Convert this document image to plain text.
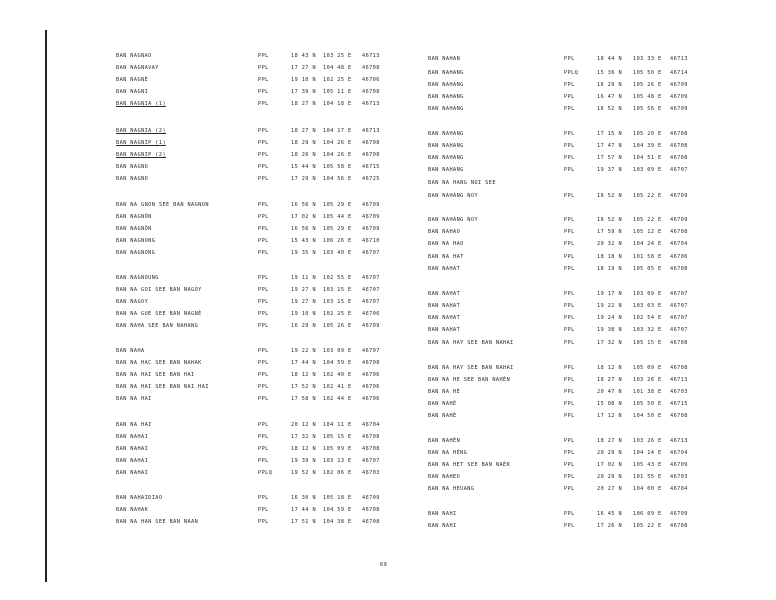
BAN NAGNAO	PPL	18 43 N 103 25 E 46713
BAN NAGNAVAY	PPL	17 27 N 104 48 E 46708
BAN NAGNÈ	PPL	19 10 N 102 25 E 46706
BAN NAGNI	PPL	17 39 N 105 11 E 46708
BAN NAGNIA (1)	PPL	18 27 N 104 18 E 46713
BAN NAGNIA (2)	PPL	18 27 N 104 17 E 46713
BAN NAGNIP (1)	PPL	18 29 N 104 26 E 46708
BAN NAGNIP (2)	PPL	18 26 N 104 26 E 46708
BAN NAGNO	PPL	15 44 N 105 58 E 46715
BAN NAGNO	PPL	17 29 N 104 56 E 46725
BAN NA GNON SEE BAN NAGNON	PPL	16 56 N 105 29 E 46709
BAN NAGNÔN	PPL	17 02 N 105 44 E 46709
BAN NAGNÔN	PPL	16 56 N 105 29 E 46709
BAN NAGNONG	PPL	15 43 N 106 26 E 46710
BAN NAGNONG	PPL	19 35 N 103 40 E 46707
BAN NAGNOUNG	PPL	19 11 N 102 55 E 46707
BAN NA GOI SEE BAN NAGOY	PPL	19 27 N 103 15 E 46707
BAN NAGOY	PPL	19 27 N 103 15 E 46707
BAN NA GUE SEE BAN NAGNÈ	PPL	19 10 N 102 25 E 46706
BAN NAHA SEE BAN NAHANG	PPL	16 29 N 105 26 E 46709
BAN NAHA	PPL	19 22 N 103 09 E 46707
BAN NA HAC SEE BAN NAHAK	PPL	17 44 N 104 59 E 46708
BAN NA HAI SEE BAN HAI	PPL	18 12 N 102 40 E 46706
BAN NA HAI SEE BAN NAI HAI	PPL	17 52 N 102 41 E 46706
BAN NA HAI	PPL	17 58 N 102 44 E 46706
BAN NA HAI	PPL	20 12 N 104 11 E 46704
BAN NAHAI	PPL	17 32 N 105 15 E 46708
BAN NAHAI	PPL	18 12 N 105 09 E 46708
BAN NAHAI	PPL	19 39 N 103 13 E 46707
BAN NAHAI	PPLQ	19 52 N 102 06 E 46703
BAN NAHAIDIAO	PPL	16 30 N 105 18 E 46709
BAN NAHAK	PPL	17 44 N 104 59 E 46708
BAN NA HAN SEE BAN NAAN	PPL	17 51 N 104 38 E 46708
BAN NAHAN	PPL	18 44 N 103 33 E 46713
BAN NAHANG	PPLQ	15 36 N 105 50 E 46714
BAN NAHANG	PPL	16 29 N 105 26 E 46709
BAN NAHANG	PPL	16 47 N 105 48 E 46709
BAN NAHANG	PPL	16 52 N 105 56 E 46709
BAN NAHANG	PPL	17 15 N 105 20 E 46708
BAN NAHANG	PPL	17 47 N 104 39 E 46708
BAN NAHANG	PPL	17 57 N 104 51 E 46708
BAN NAHANG	PPL	19 37 N 103 09 E 46707
BAN NA HANG NOI SEE
BAN NAHANG NOY	PPL	16 52 N 105 22 E 46709
BAN NAHANG NOY	PPL	16 52 N 105 22 E 46709
BAN NAHAO	PPL	17 59 N 105 12 E 46708
BAN NA HAO	PPL	20 32 N 104 24 E 46704
BAN NA HAT	PPL	18 18 N 101 58 E 46706
BAN NAHAT	PPL	18 19 N 105 05 E 46708
BAN NAHAT	PPL	19 17 N 103 09 E 46707
BAN NAHAT	PPL	19 22 N 103 03 E 46707
BAN NAHAT	PPL	19 24 N 102 54 E 46707
BAN NAHAT	PPL	19 38 N 103 32 E 46707
BAN NA HAY SEE BAN NAHAI	PPL	17 32 N 105 15 E 46708
BAN NA HAY SEE BAN NAHAI	PPL	18 12 N 105 09 E 46708
BAN NA HE SEE BAN NAHÈN	PPL	18 27 N 103 26 E 46713
BAN NA HÉ	PPL	20 47 N 101 38 E 46703
BAN NAHÉ	PPL	15 08 N 105 50 E 46715
BAN NAHÈ	PPL	17 12 N 104 50 E 46708
BAN NAHÈN	PPL	18 27 N 103 26 E 46713
BAN NA HÉNG	PPL	20 29 N 104 14 E 46704
BAN NA HET SEE BAN NAÈK	PPL	17 02 N 105 43 E 46709
BAN NAHEU	PPL	20 29 N 101 55 E 46703
BAN NA HEUANG	PPL	20 27 N 104 00 E 46704
BAN NAHI	PPL	16 45 N 106 09 E 46709
BAN NAHI	PPL	17 26 N 105 22 E 46708
69
